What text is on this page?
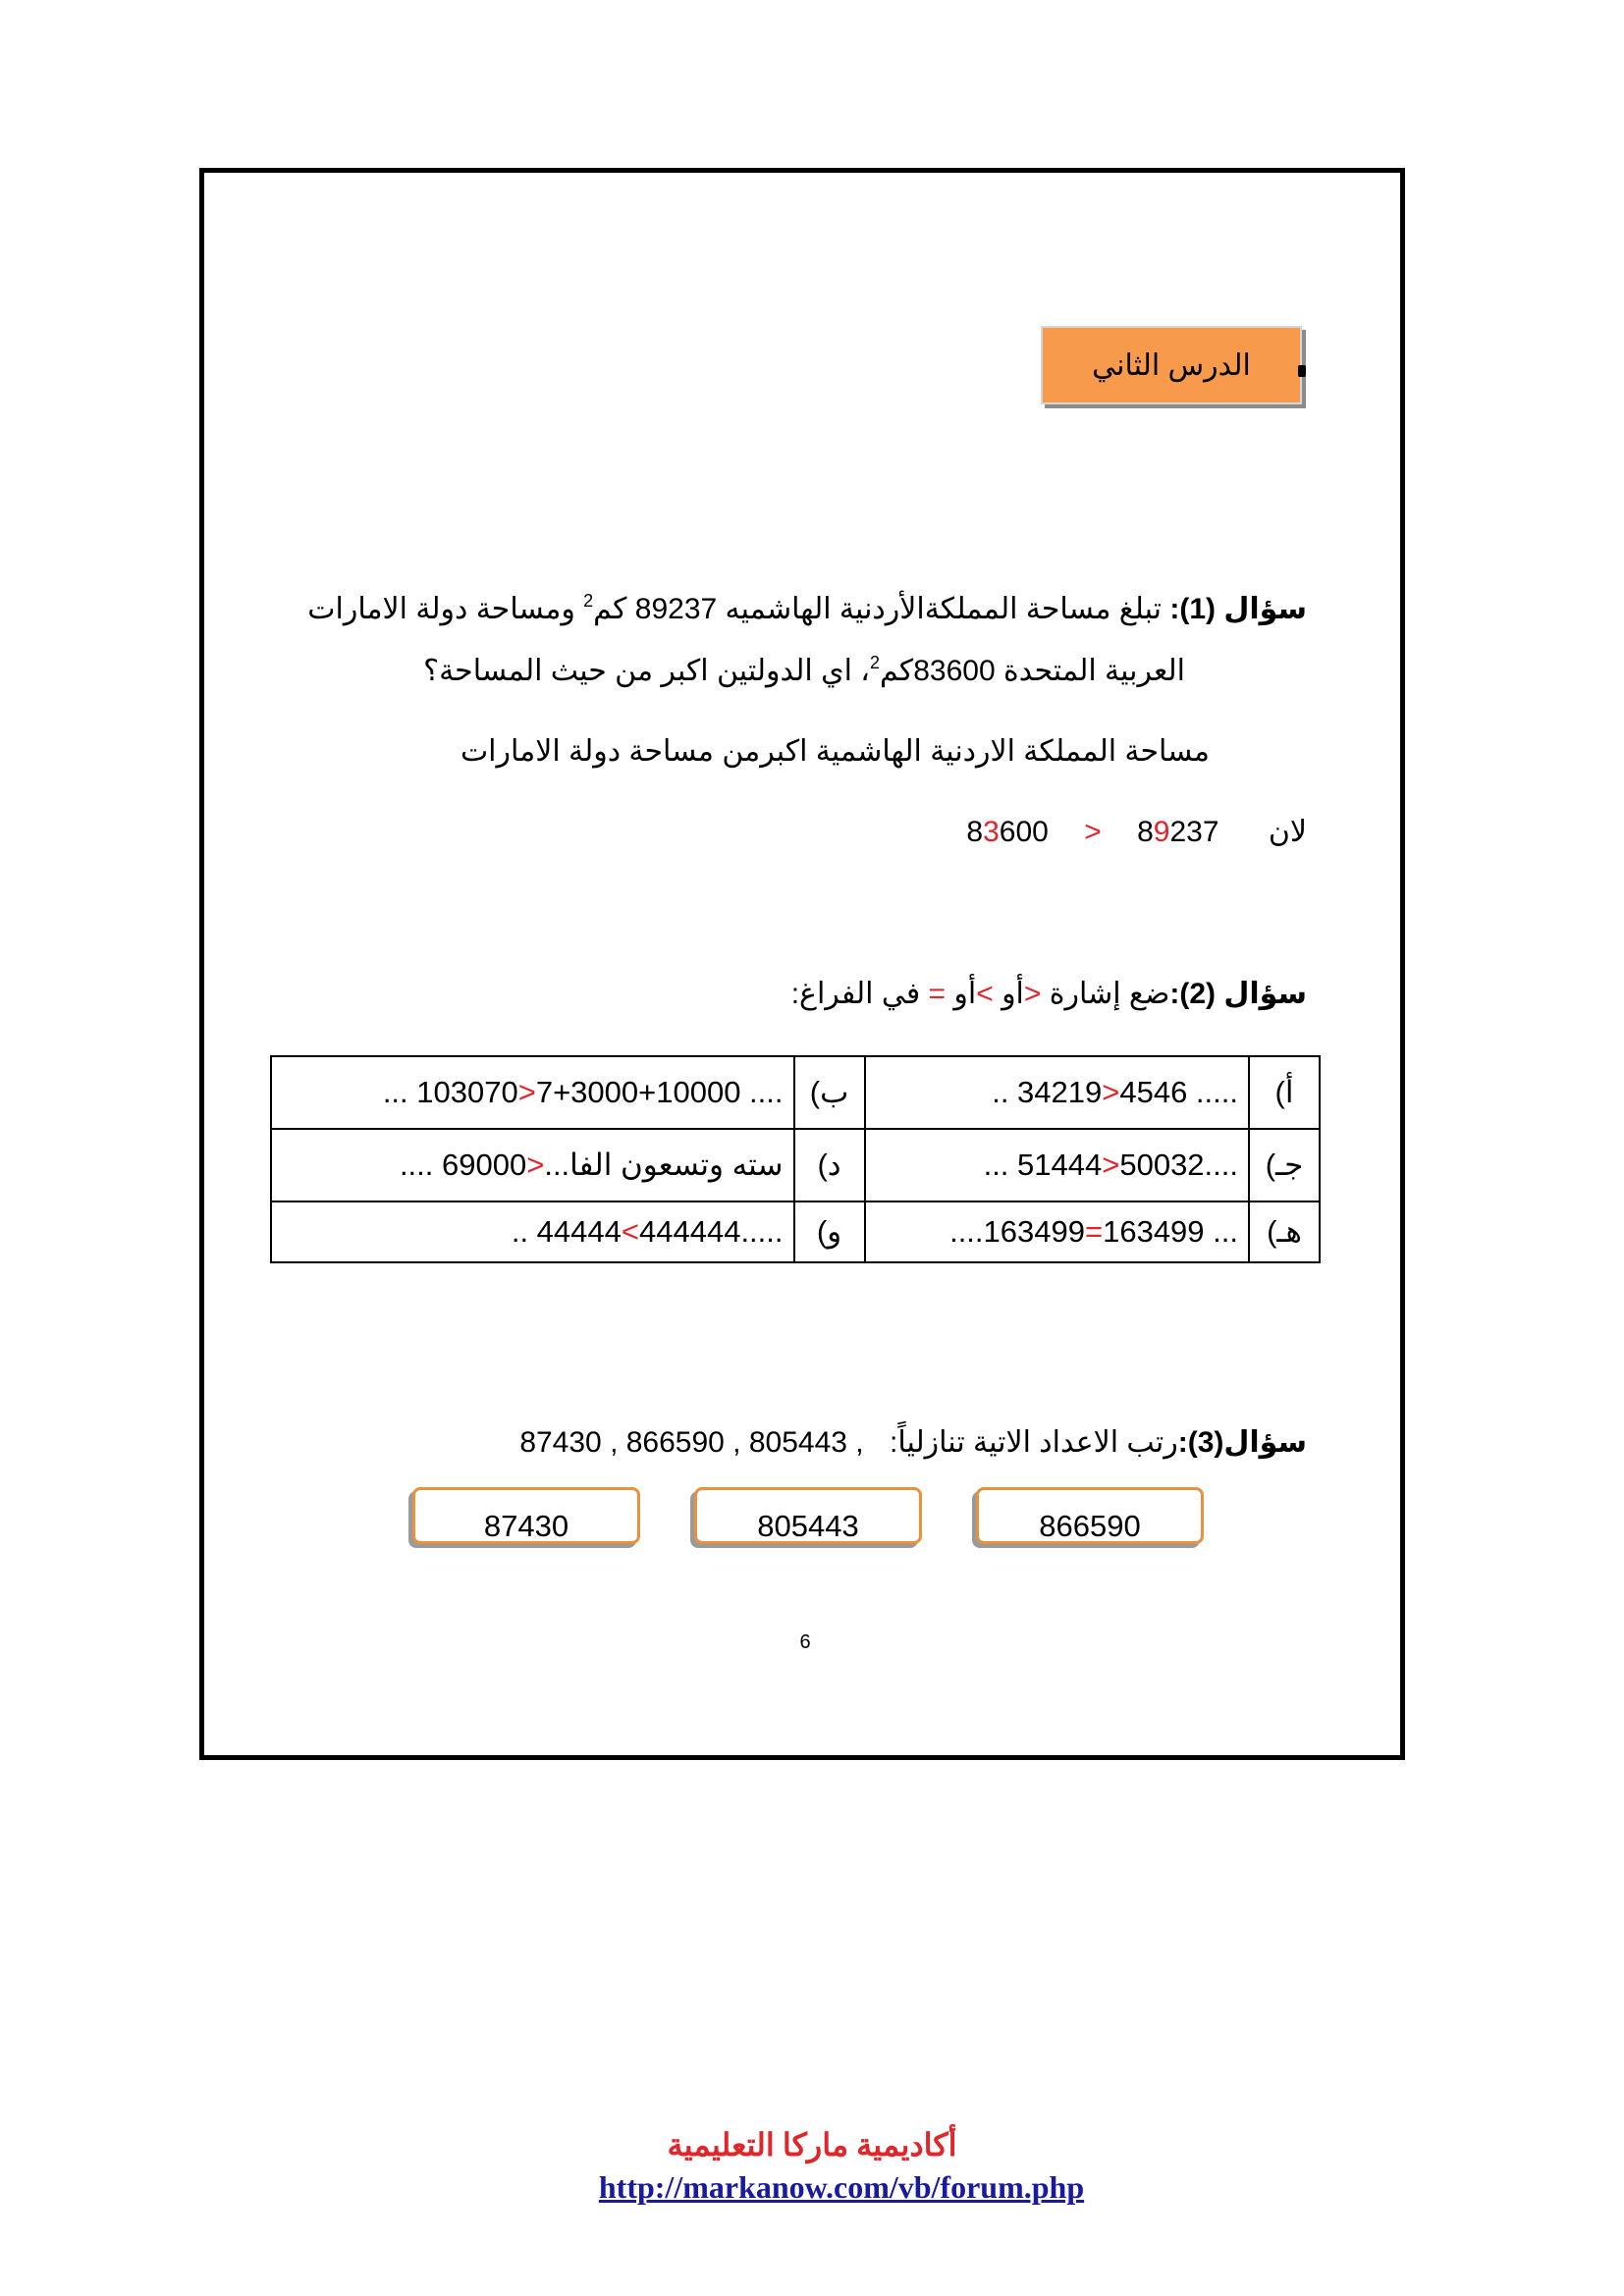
الدرس الثاني
سؤال (1): تبلغ مساحة المملكةالأردنية الهاشميه 89237 كم$^2$ ومساحة دولة الامارات
العربية المتحدة 83600كم$^2$، اي الدولتين اكبر من حيث المساحة؟
مساحة المملكة الاردنية الهاشمية اكبرمن مساحة دولة الامارات
لان 83600 > 89237
سؤال (2):ضع إشارة <أو >أو = في الفراغ:
أ)	.. 34219>4546 .....	ب)	... 103070>7+3000+10000 ....
جـ)	... 51444>50032....	د)	.... 69000>سته وتسعون الفا...
هـ)	....163499=163499 ...	و)	.. 44444<444444.....
سؤال(3):رتب الاعداد الاتية تنازلياً: 87430 , 866590 , 805443 ,
866590
805443
87430
6
أكاديمية ماركا التعليمية
http://markanow.com/vb/forum.php
